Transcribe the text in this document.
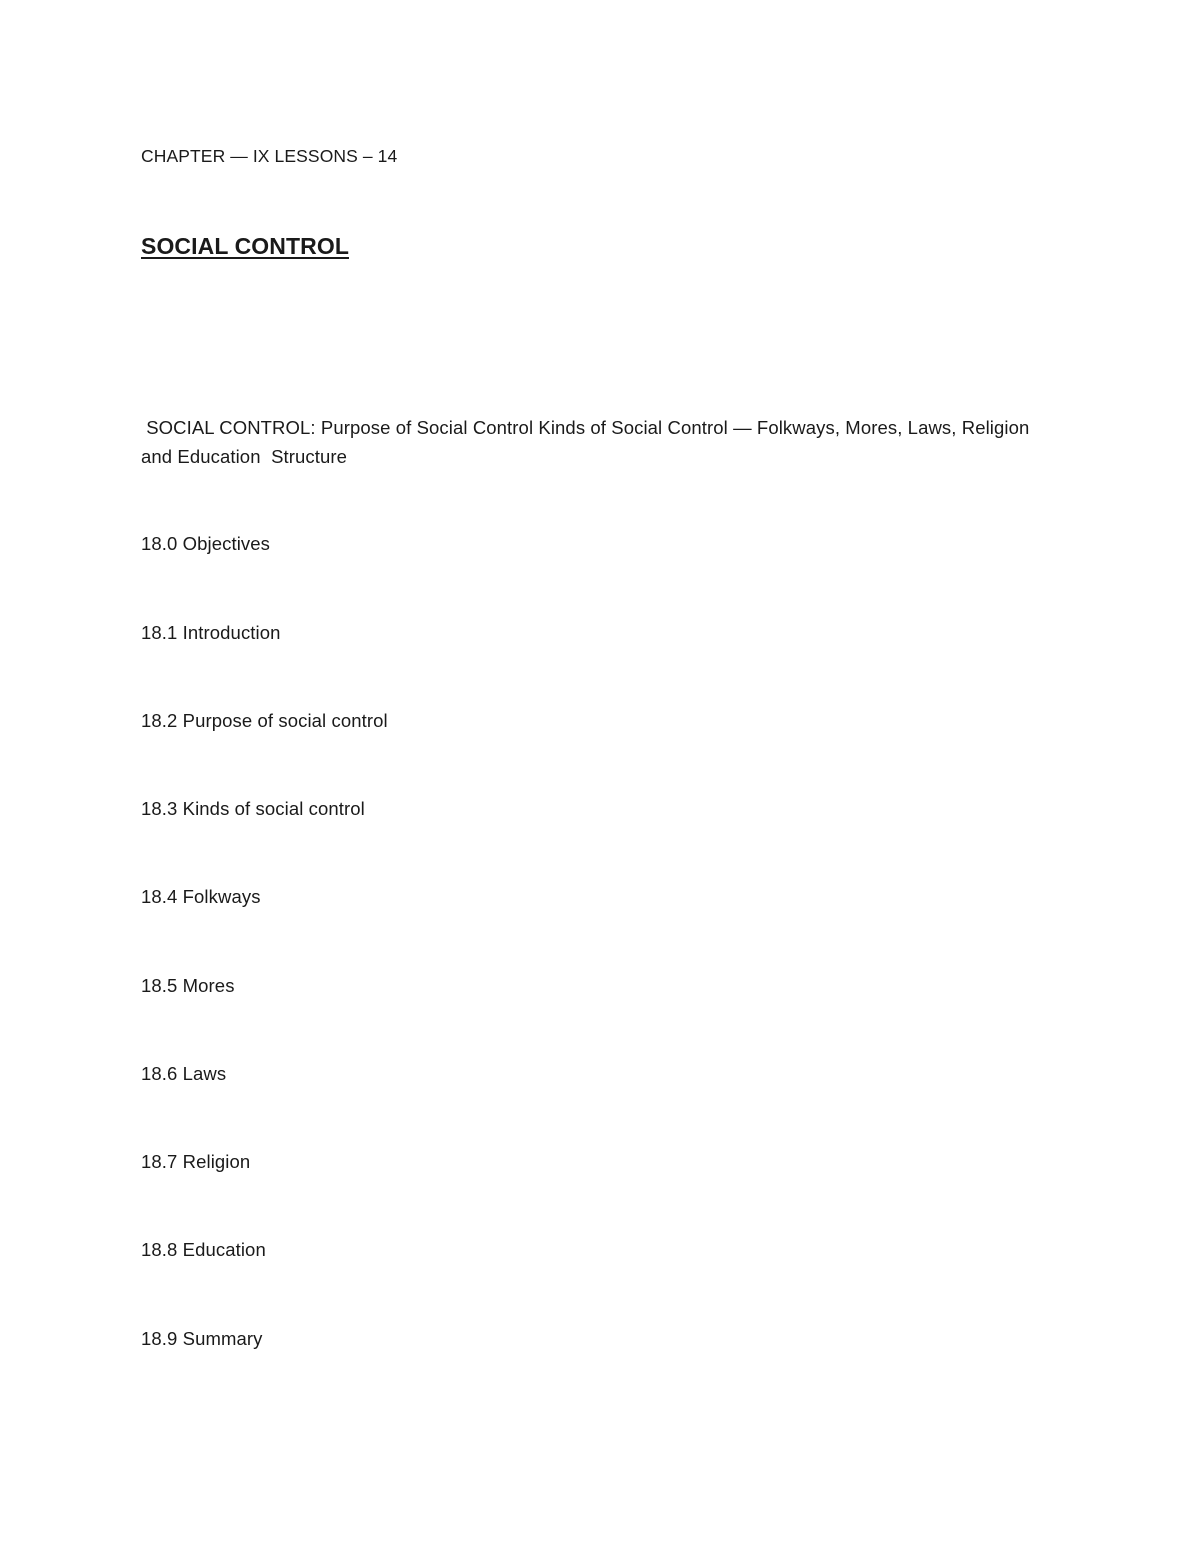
CHAPTER — IX LESSONS – 14
SOCIAL CONTROL
SOCIAL CONTROL: Purpose of Social Control Kinds of Social Control — Folkways, Mores, Laws, Religion
and Education  Structure
18.0 Objectives
18.1 Introduction
18.2 Purpose of social control
18.3 Kinds of social control
18.4 Folkways
18.5 Mores
18.6 Laws
18.7 Religion
18.8 Education
18.9 Summary
